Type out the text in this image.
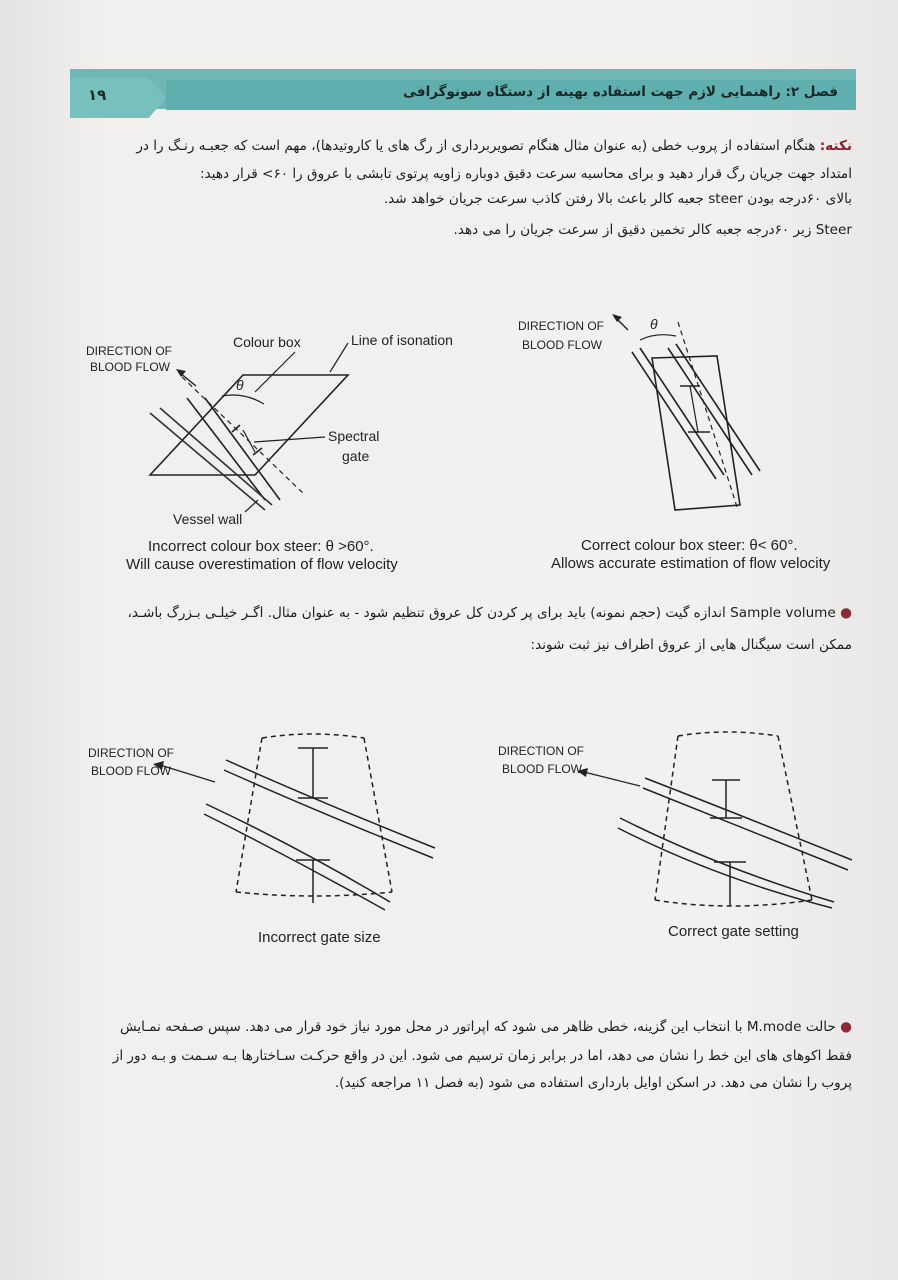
۱۹	فصل ۲: راهنمایی لازم جهت استفاده بهینه از دستگاه سونوگرافی
نکته: هنگام استفاده از پروب خطی (به عنوان مثال هنگام تصویربرداری از رگ های یا کاروتیدها)، مهم است که جعبـه رنـگ را در
امتداد جهت جریان رگ قرار دهید و برای محاسبه سرعت دقیق دوباره زاویه پرتوی تابشی با عروق را ۶۰> قرار دهید:
بالای ۶۰درجه بودن steer جعبه کالر باعث بالا رفتن کاذب سرعت جریان خواهد شد.
Steer زیر ۶۰درجه جعبه کالر تخمین دقیق از سرعت جریان را می دهد.
DIRECTION OF
BLOOD FLOW
Colour box	Line of isonation
θ
Spectral
gate
Vessel wall
Incorrect colour box steer: θ >60°.
Will cause overestimation of flow velocity
DIRECTION OF
BLOOD FLOW
θ
Correct colour box steer: θ< 60°.
Allows accurate estimation of flow velocity
● Sample volume اندازه گیت (حجم نمونه) باید برای پر کردن کل عروق تنظیم شود - به عنوان مثال. اگـر خیلـی بـزرگ باشـد،
ممکن است سیگنال هایی از عروق اطراف نیز ثبت شوند:
DIRECTION OF
BLOOD FLOW
Incorrect gate size
DIRECTION OF
BLOOD FLOW
Correct gate setting
● حالت M.mode با انتخاب این گزینه، خطی ظاهر می شود که اپراتور در محل مورد نیاز خود قرار می دهد. سپس صـفحه نمـایش
فقط اکوهای های این خط را نشان می دهد، اما در برابر زمان ترسیم می شود. این در واقع حرکـت سـاختارها بـه سـمت و بـه دور از
پروب را نشان می دهد. در اسکن اوایل بارداری استفاده می شود (به فصل ۱۱ مراجعه کنید).
